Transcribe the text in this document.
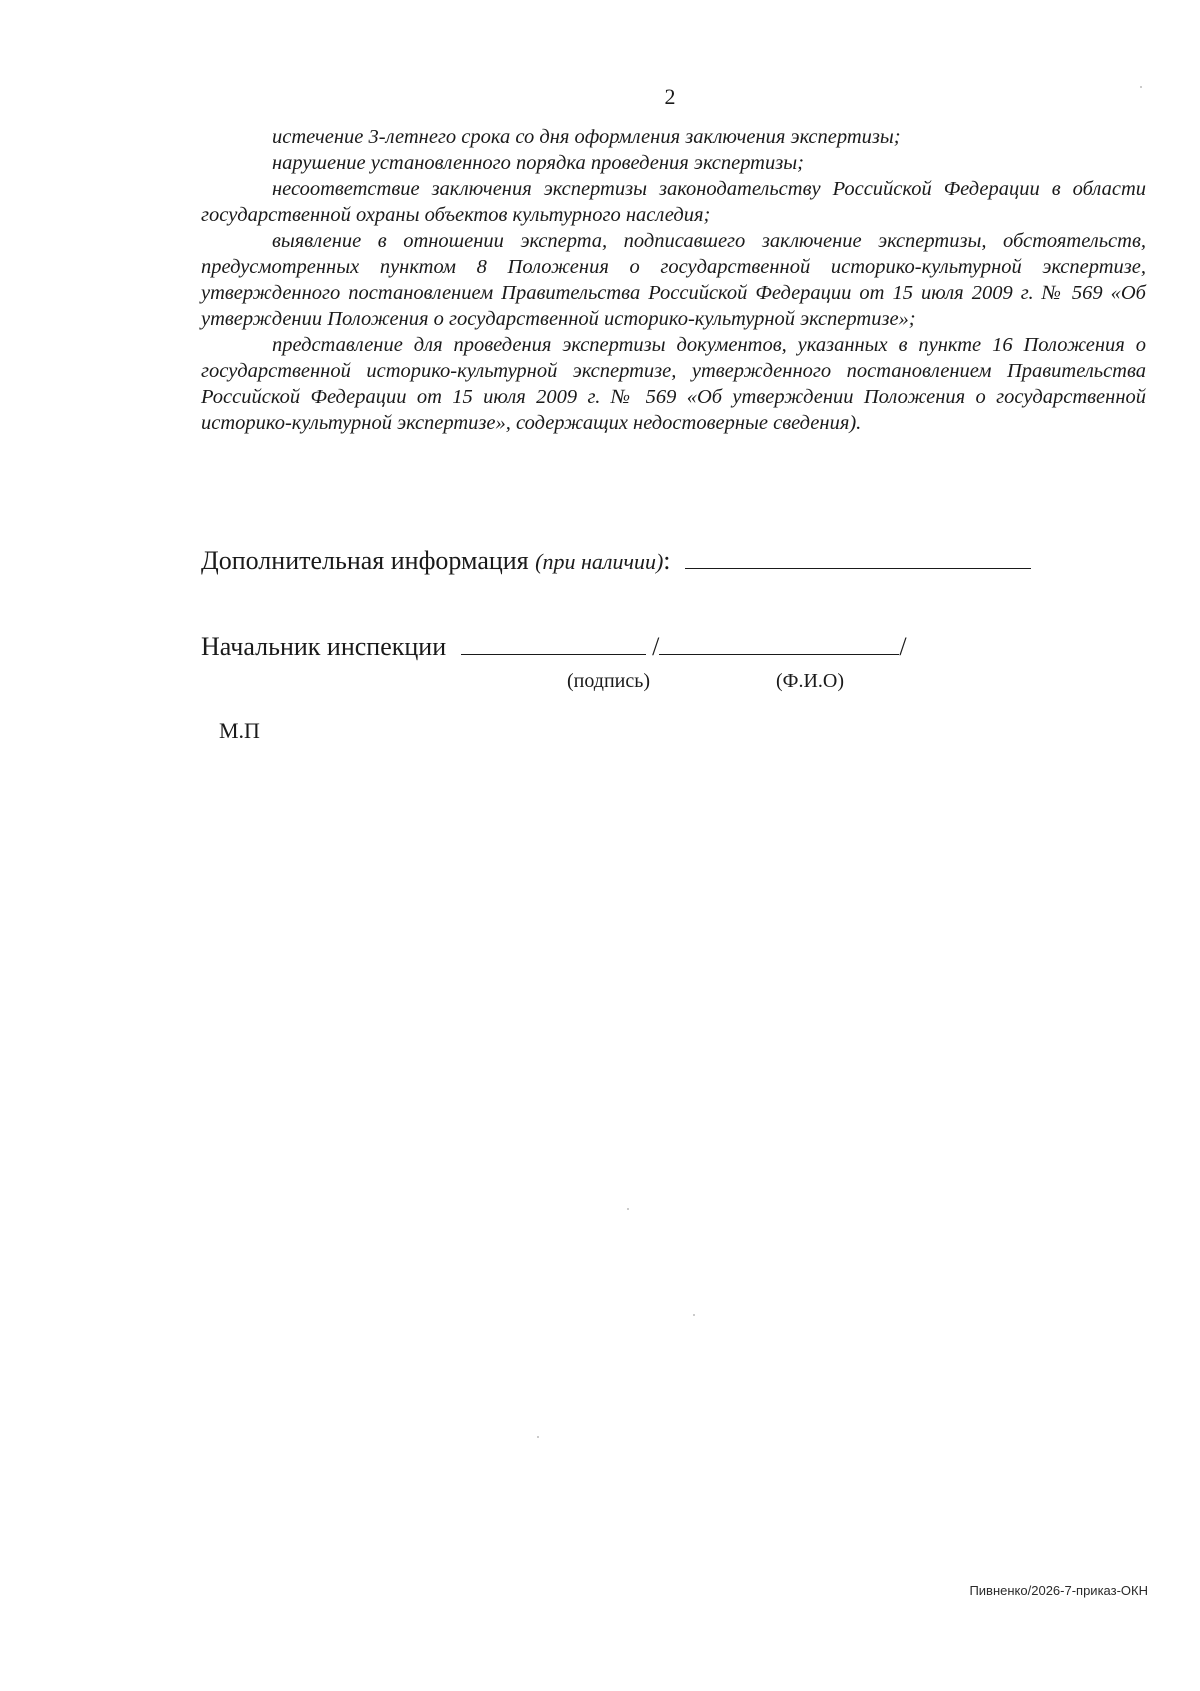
2

истечение 3-летнего срока со дня оформления заключения экспертизы;

нарушение установленного порядка проведения экспертизы;

несоответствие заключения экспертизы законодательству Российской Федерации в области государственной охраны объектов культурного наследия;

выявление в отношении эксперта, подписавшего заключение экспертизы, обстоятельств, предусмотренных пунктом 8 Положения о государственной историко-культурной экспертизе, утвержденного постановлением Правительства Российской Федерации от 15 июля 2009 г. № 569 «Об утверждении Положения о государственной историко-культурной экспертизе»;

представление для проведения экспертизы документов, указанных в пункте 16 Положения о государственной историко-культурной экспертизе, утвержденного постановлением Правительства Российской Федерации от 15 июля 2009 г. № 569 «Об утверждении Положения о государственной историко-культурной экспертизе», содержащих недостоверные сведения).

Дополнительная информация (при наличии):
Начальник инспекции	/	/
(подпись)	(Ф.И.О)
М.П
Пивненко/2026-7-приказ-ОКН
